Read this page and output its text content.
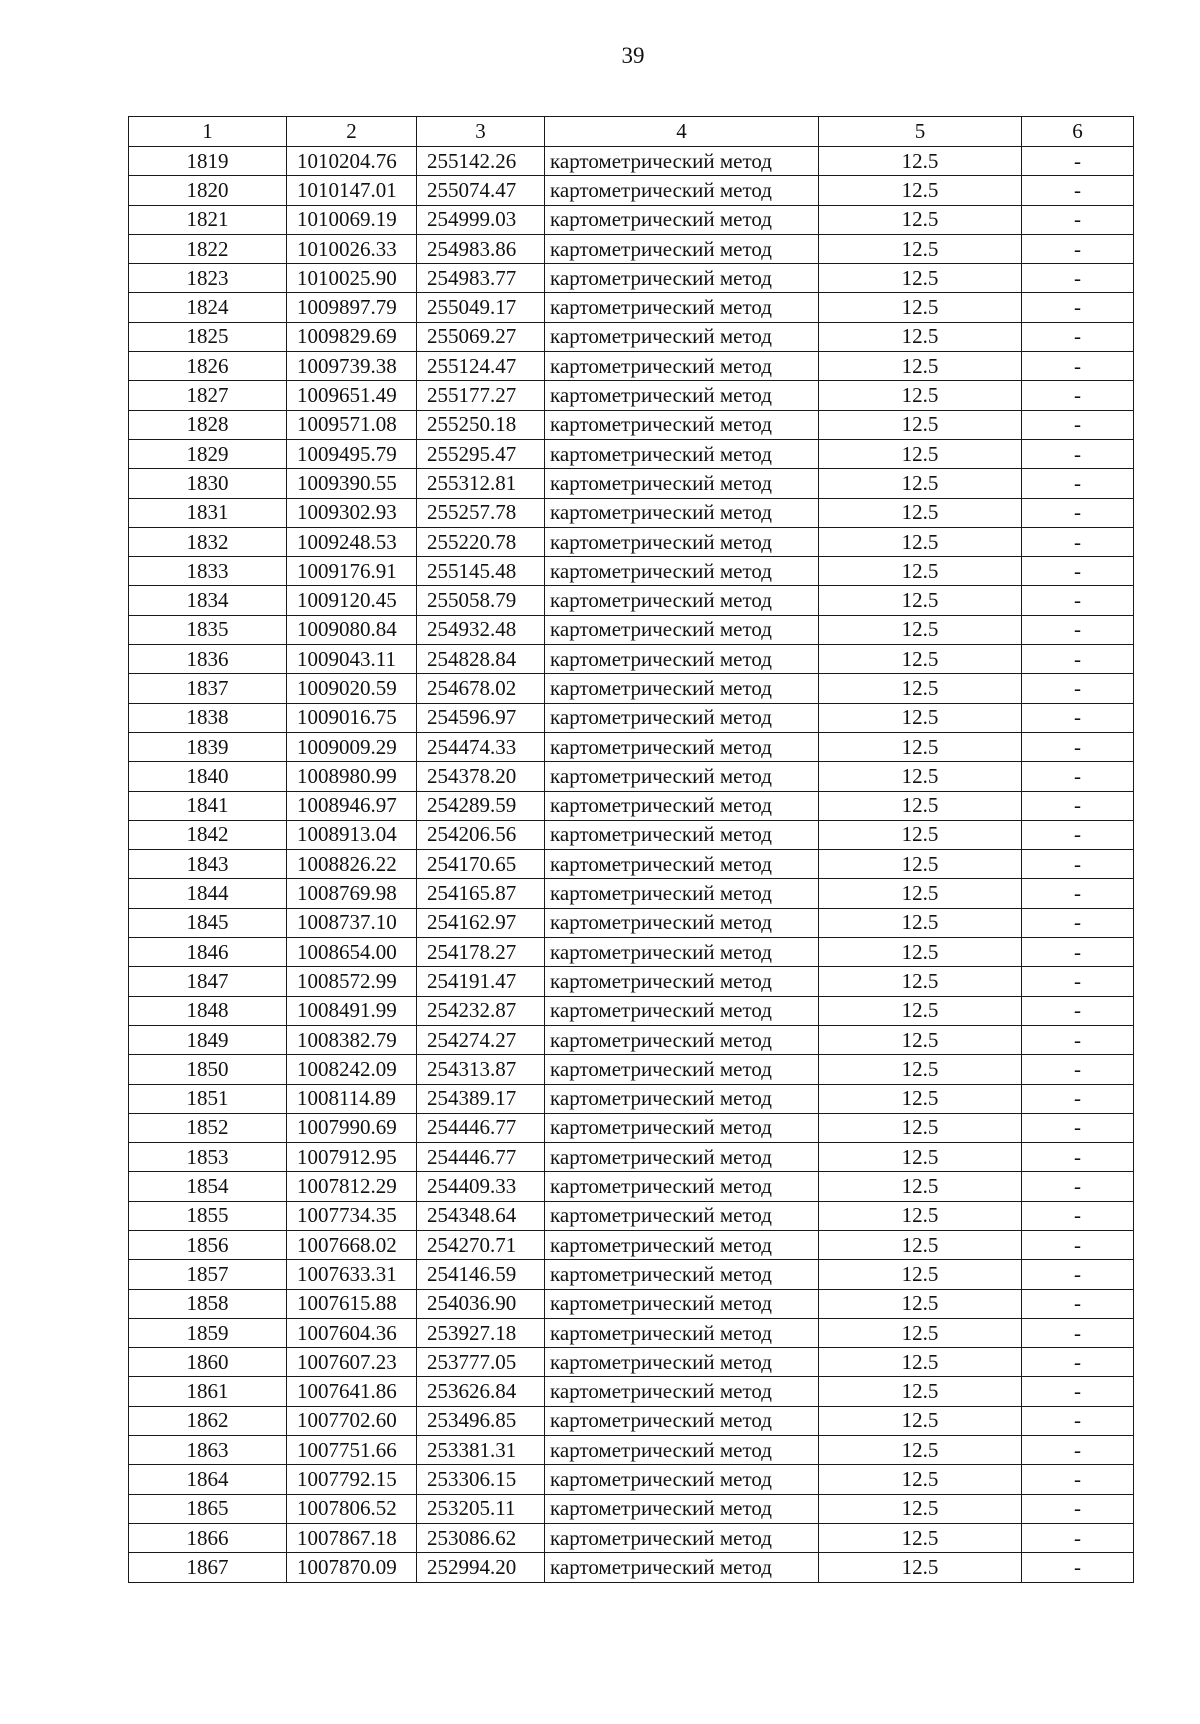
39
1	2	3	4	5	6
1819	1010204.76	255142.26	картометрический метод	12.5	-
1820	1010147.01	255074.47	картометрический метод	12.5	-
1821	1010069.19	254999.03	картометрический метод	12.5	-
1822	1010026.33	254983.86	картометрический метод	12.5	-
1823	1010025.90	254983.77	картометрический метод	12.5	-
1824	1009897.79	255049.17	картометрический метод	12.5	-
1825	1009829.69	255069.27	картометрический метод	12.5	-
1826	1009739.38	255124.47	картометрический метод	12.5	-
1827	1009651.49	255177.27	картометрический метод	12.5	-
1828	1009571.08	255250.18	картометрический метод	12.5	-
1829	1009495.79	255295.47	картометрический метод	12.5	-
1830	1009390.55	255312.81	картометрический метод	12.5	-
1831	1009302.93	255257.78	картометрический метод	12.5	-
1832	1009248.53	255220.78	картометрический метод	12.5	-
1833	1009176.91	255145.48	картометрический метод	12.5	-
1834	1009120.45	255058.79	картометрический метод	12.5	-
1835	1009080.84	254932.48	картометрический метод	12.5	-
1836	1009043.11	254828.84	картометрический метод	12.5	-
1837	1009020.59	254678.02	картометрический метод	12.5	-
1838	1009016.75	254596.97	картометрический метод	12.5	-
1839	1009009.29	254474.33	картометрический метод	12.5	-
1840	1008980.99	254378.20	картометрический метод	12.5	-
1841	1008946.97	254289.59	картометрический метод	12.5	-
1842	1008913.04	254206.56	картометрический метод	12.5	-
1843	1008826.22	254170.65	картометрический метод	12.5	-
1844	1008769.98	254165.87	картометрический метод	12.5	-
1845	1008737.10	254162.97	картометрический метод	12.5	-
1846	1008654.00	254178.27	картометрический метод	12.5	-
1847	1008572.99	254191.47	картометрический метод	12.5	-
1848	1008491.99	254232.87	картометрический метод	12.5	-
1849	1008382.79	254274.27	картометрический метод	12.5	-
1850	1008242.09	254313.87	картометрический метод	12.5	-
1851	1008114.89	254389.17	картометрический метод	12.5	-
1852	1007990.69	254446.77	картометрический метод	12.5	-
1853	1007912.95	254446.77	картометрический метод	12.5	-
1854	1007812.29	254409.33	картометрический метод	12.5	-
1855	1007734.35	254348.64	картометрический метод	12.5	-
1856	1007668.02	254270.71	картометрический метод	12.5	-
1857	1007633.31	254146.59	картометрический метод	12.5	-
1858	1007615.88	254036.90	картометрический метод	12.5	-
1859	1007604.36	253927.18	картометрический метод	12.5	-
1860	1007607.23	253777.05	картометрический метод	12.5	-
1861	1007641.86	253626.84	картометрический метод	12.5	-
1862	1007702.60	253496.85	картометрический метод	12.5	-
1863	1007751.66	253381.31	картометрический метод	12.5	-
1864	1007792.15	253306.15	картометрический метод	12.5	-
1865	1007806.52	253205.11	картометрический метод	12.5	-
1866	1007867.18	253086.62	картометрический метод	12.5	-
1867	1007870.09	252994.20	картометрический метод	12.5	-
